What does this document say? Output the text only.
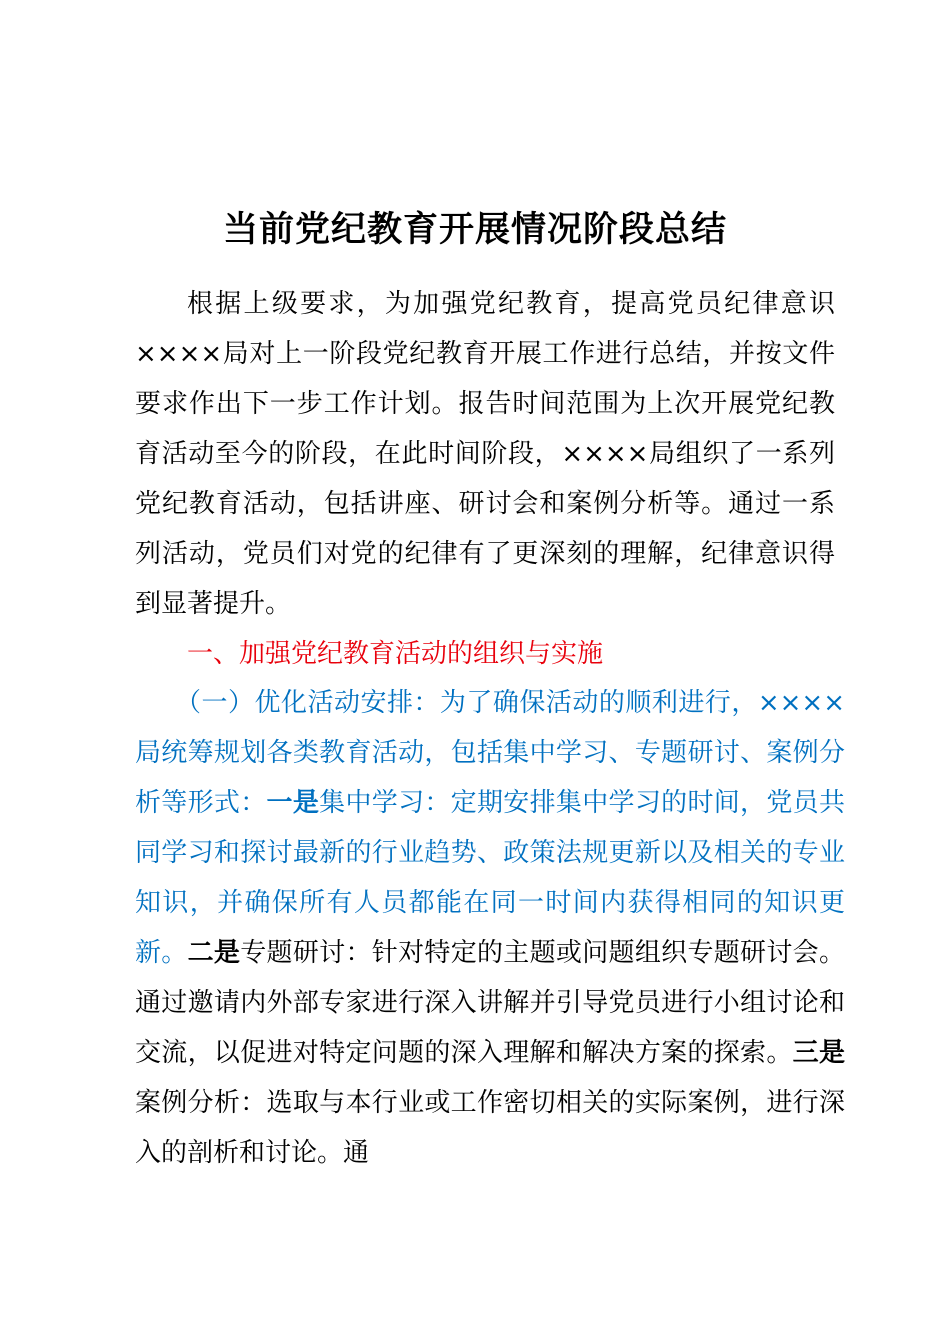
当前党纪教育开展情况阶段总结

根据上级要求，为加强党纪教育，提高党员纪律意识××××局对上一阶段党纪教育开展工作进行总结，并按文件要求作出下一步工作计划。报告时间范围为上次开展党纪教育活动至今的阶段，在此时间阶段，××××局组织了一系列党纪教育活动，包括讲座、研讨会和案例分析等。通过一系列活动，党员们对党的纪律有了更深刻的理解，纪律意识得到显著提升。

一、加强党纪教育活动的组织与实施

（一）优化活动安排：为了确保活动的顺利进行，××××局统筹规划各类教育活动，包括集中学习、专题研讨、案例分析等形式：一是集中学习：定期安排集中学习的时间，党员共同学习和探讨最新的行业趋势、政策法规更新以及相关的专业知识，并确保所有人员都能在同一时间内获得相同的知识更新。二是专题研讨：针对特定的主题或问题组织专题研讨会。通过邀请内外部专家进行深入讲解并引导党员进行小组讨论和交流，以促进对特定问题的深入理解和解决方案的探索。三是案例分析：选取与本行业或工作密切相关的实际案例，进行深入的剖析和讨论。通
